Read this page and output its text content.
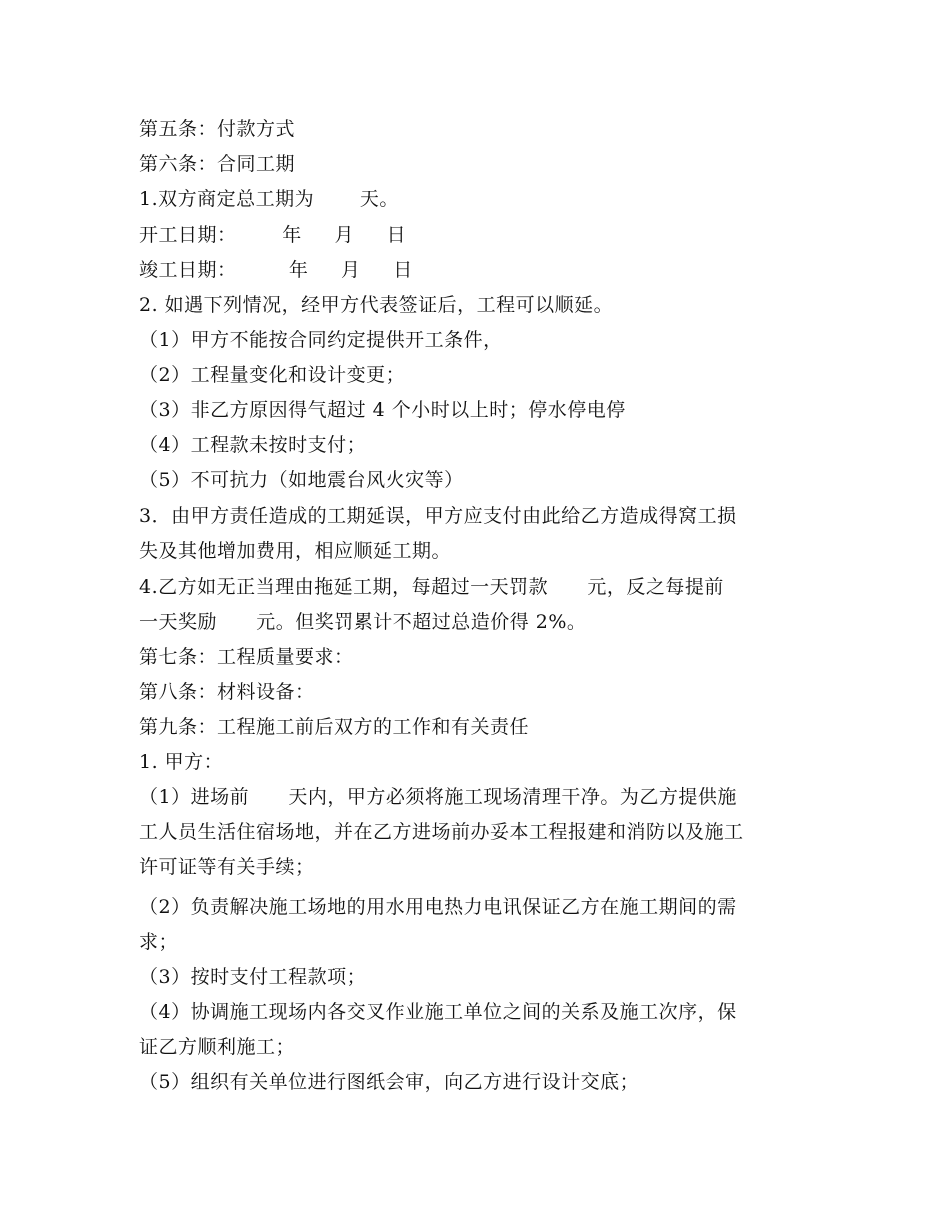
第五条：付款方式
第六条：合同工期
1.双方商定总工期为       天。
开工日期：       年     月     日
竣工日期：        年     月     日
2. 如遇下列情况，经甲方代表签证后，工程可以顺延。
（1）甲方不能按合同约定提供开工条件，
（2）工程量变化和设计变更；
（3）非乙方原因得气超过 4 个小时以上时；停水停电停
（4）工程款未按时支付；
（5）不可抗力（如地震台风火灾等）
3．由甲方责任造成的工期延误，甲方应支付由此给乙方造成得窝工损
失及其他增加费用，相应顺延工期。
4.乙方如无正当理由拖延工期，每超过一天罚款      元，反之每提前
一天奖励      元。但奖罚累计不超过总造价得 2%。
第七条：工程质量要求：
第八条：材料设备：
第九条：工程施工前后双方的工作和有关责任
1. 甲方：
（1）进场前      天内，甲方必须将施工现场清理干净。为乙方提供施
工人员生活住宿场地，并在乙方进场前办妥本工程报建和消防以及施工
许可证等有关手续；
（2）负责解决施工场地的用水用电热力电讯保证乙方在施工期间的需
求；
（3）按时支付工程款项；
（4）协调施工现场内各交叉作业施工单位之间的关系及施工次序，保
证乙方顺利施工；
（5）组织有关单位进行图纸会审，向乙方进行设计交底；
